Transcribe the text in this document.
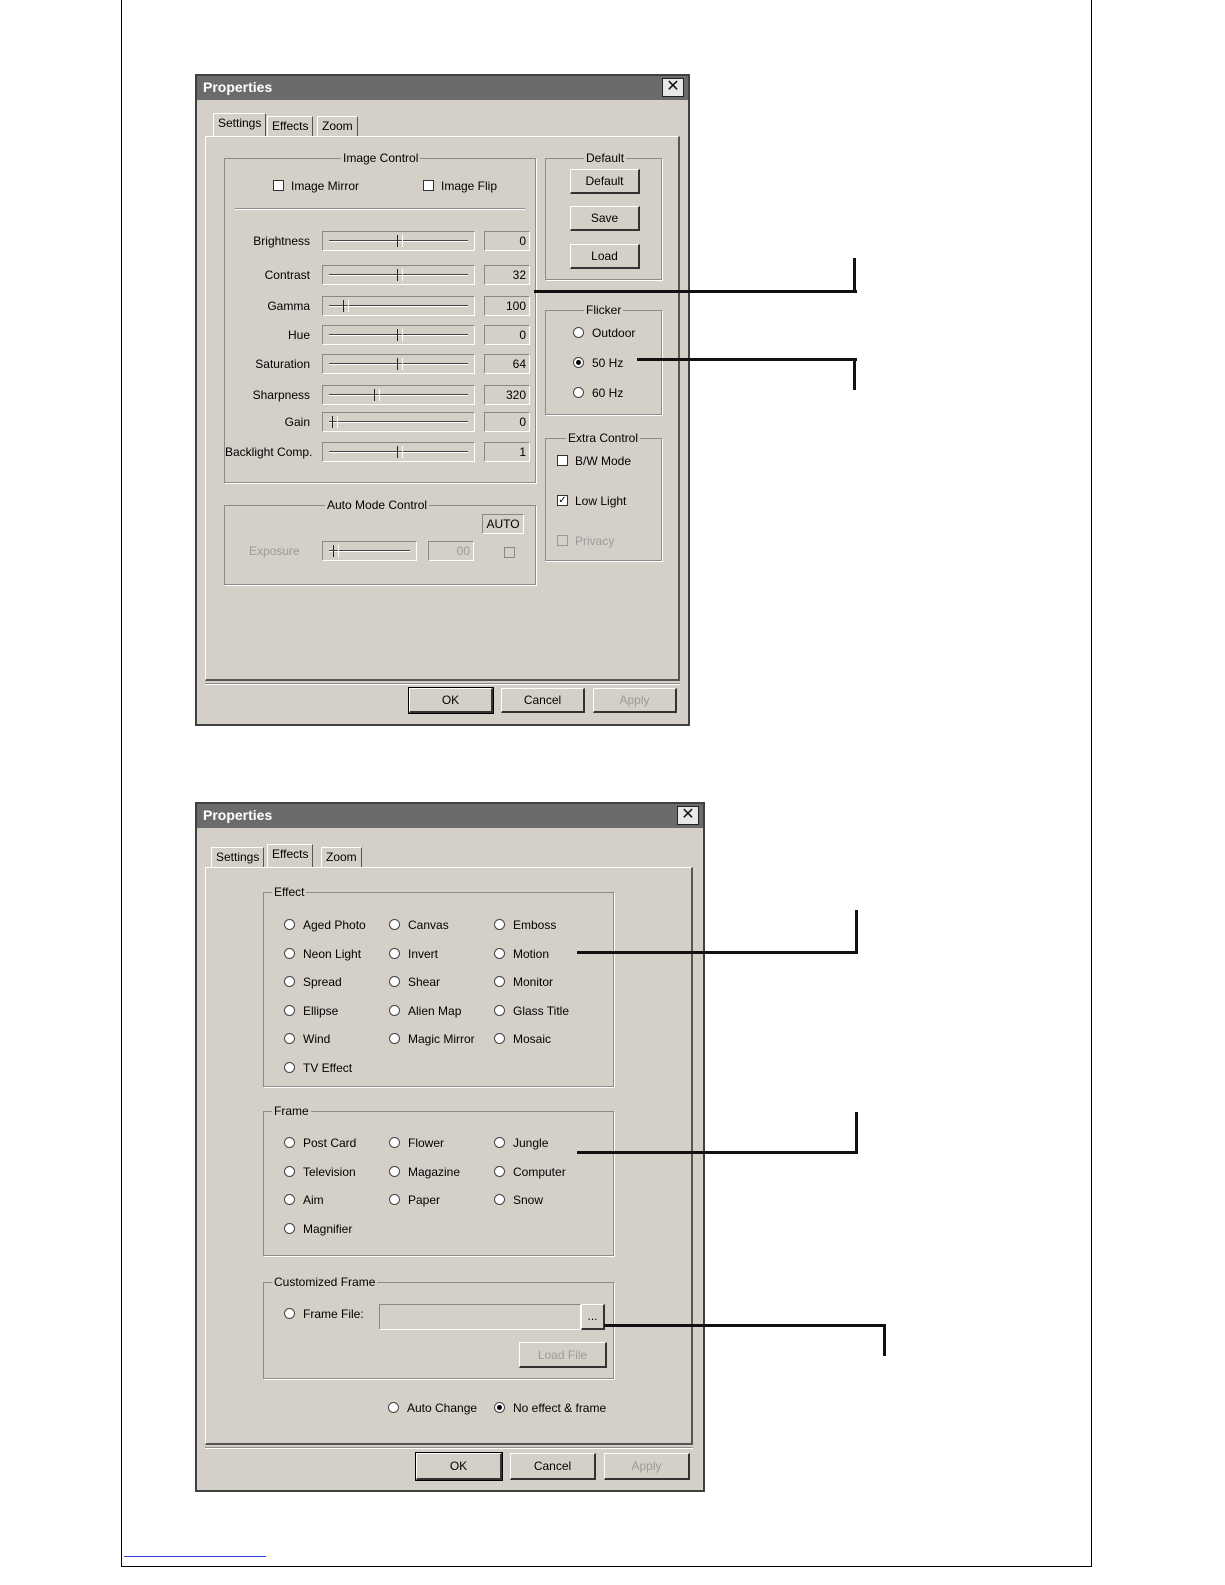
Properties	✕
Settings Effects	Zoom
Image Control
Image Mirror	Image Flip
Auto Mode Control
AUTO
Exposure	00
Default
Default
Save
Load
Flicker
Extra Control
B/W Mode
✓ Low Light
Privacy
OK	Cancel	Apply
Brightness	0
Contrast	32
Gamma	100
Hue	0
Saturation	64
Sharpness	320
Gain	0
Backlight Comp.	1
Outdoor
50 Hz
60 Hz
Properties	✕
Settings	Effects	Zoom
Effect
Frame
Customized Frame
Frame File:	...
Load File
Auto Change	No effect & frame
OK	Cancel	Apply
Aged Photo	Canvas	Emboss
Neon Light	Invert	Motion
Spread	Shear	Monitor
Ellipse	Alien Map	Glass Title
Wind	Magic Mirror	Mosaic
TV Effect
Post Card	Flower	Jungle
Television	Magazine	Computer
Aim	Paper	Snow
Magnifier
